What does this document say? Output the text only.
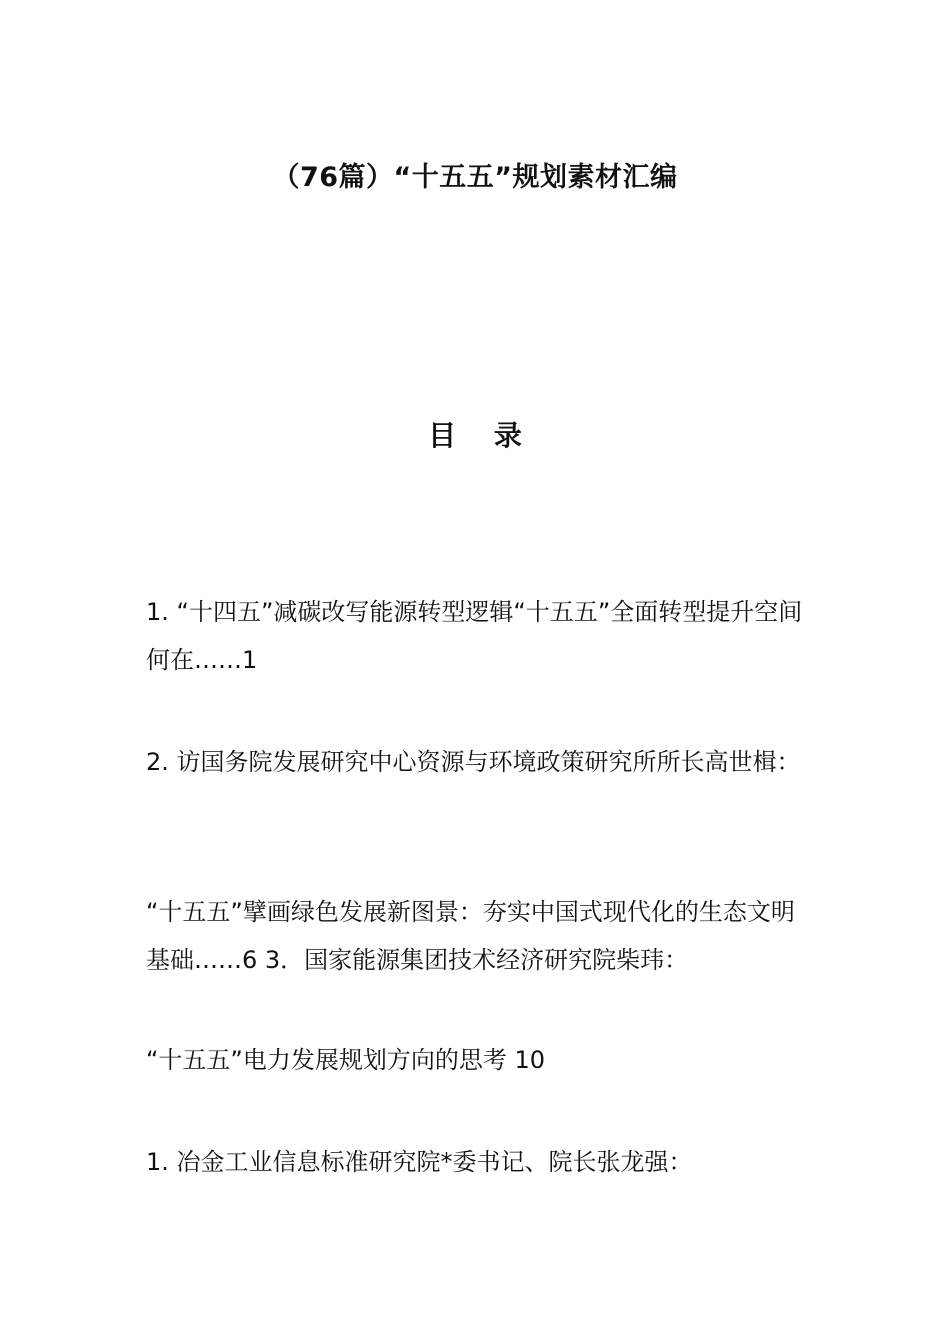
（76篇）“十五五”规划素材汇编
目 录

1. “十四五”减碳改写能源转型逻辑“十五五”全面转型提升空间何在……1

2. 访国务院发展研究中心资源与环境政策研究所所长高世楫：

“十五五”擘画绿色发展新图景：夯实中国式现代化的生态文明基础……6 3．国家能源集团技术经济研究院柴玮：

“十五五”电力发展规划方向的思考 10

1. 冶金工业信息标准研究院*委书记、院长张龙强：
